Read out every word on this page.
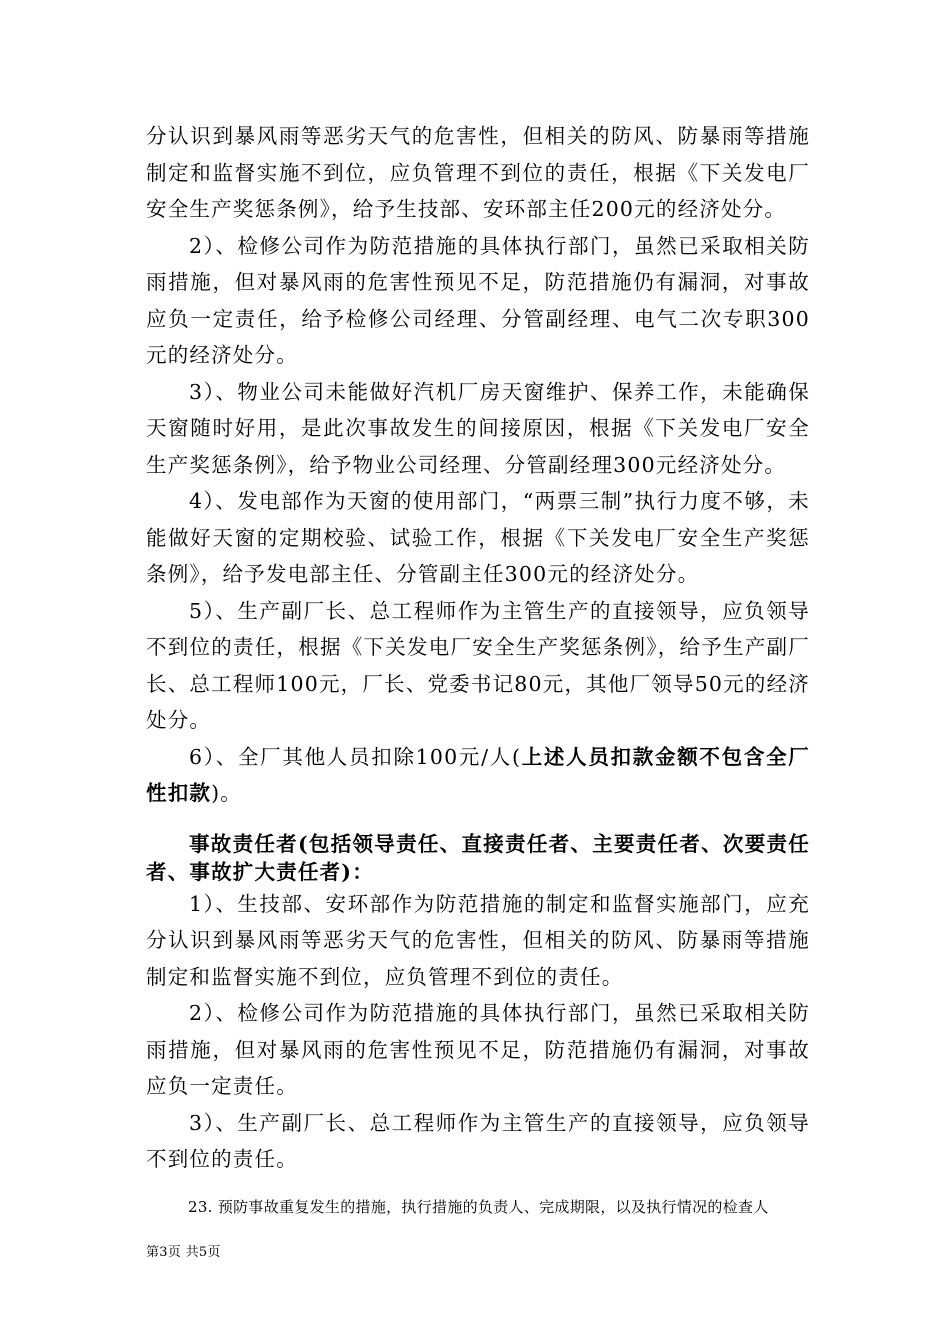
分认识到暴风雨等恶劣天气的危害性，但相关的防风、防暴雨等措施制定和监督实施不到位，应负管理不到位的责任，根据《下关发电厂安全生产奖惩条例》，给予生技部、安环部主任200元的经济处分。

2）、检修公司作为防范措施的具体执行部门，虽然已采取相关防雨措施，但对暴风雨的危害性预见不足，防范措施仍有漏洞，对事故应负一定责任，给予检修公司经理、分管副经理、电气二次专职300元的经济处分。

3）、物业公司未能做好汽机厂房天窗维护、保养工作，未能确保天窗随时好用，是此次事故发生的间接原因，根据《下关发电厂安全生产奖惩条例》，给予物业公司经理、分管副经理300元经济处分。

4）、发电部作为天窗的使用部门，“两票三制”执行力度不够，未能做好天窗的定期校验、试验工作，根据《下关发电厂安全生产奖惩条例》，给予发电部主任、分管副主任300元的经济处分。

5）、生产副厂长、总工程师作为主管生产的直接领导，应负领导不到位的责任，根据《下关发电厂安全生产奖惩条例》，给予生产副厂长、总工程师100元，厂长、党委书记80元，其他厂领导50元的经济处分。

6）、全厂其他人员扣除100元/人(上述人员扣款金额不包含全厂性扣款)。

事故责任者(包括领导责任、直接责任者、主要责任者、次要责任者、事故扩大责任者)：

1）、生技部、安环部作为防范措施的制定和监督实施部门，应充分认识到暴风雨等恶劣天气的危害性，但相关的防风、防暴雨等措施制定和监督实施不到位，应负管理不到位的责任。

2）、检修公司作为防范措施的具体执行部门，虽然已采取相关防雨措施，但对暴风雨的危害性预见不足，防范措施仍有漏洞，对事故应负一定责任。

3）、生产副厂长、总工程师作为主管生产的直接领导，应负领导不到位的责任。

23. 预防事故重复发生的措施，执行措施的负责人、完成期限，以及执行情况的检查人

第3页 共5页
